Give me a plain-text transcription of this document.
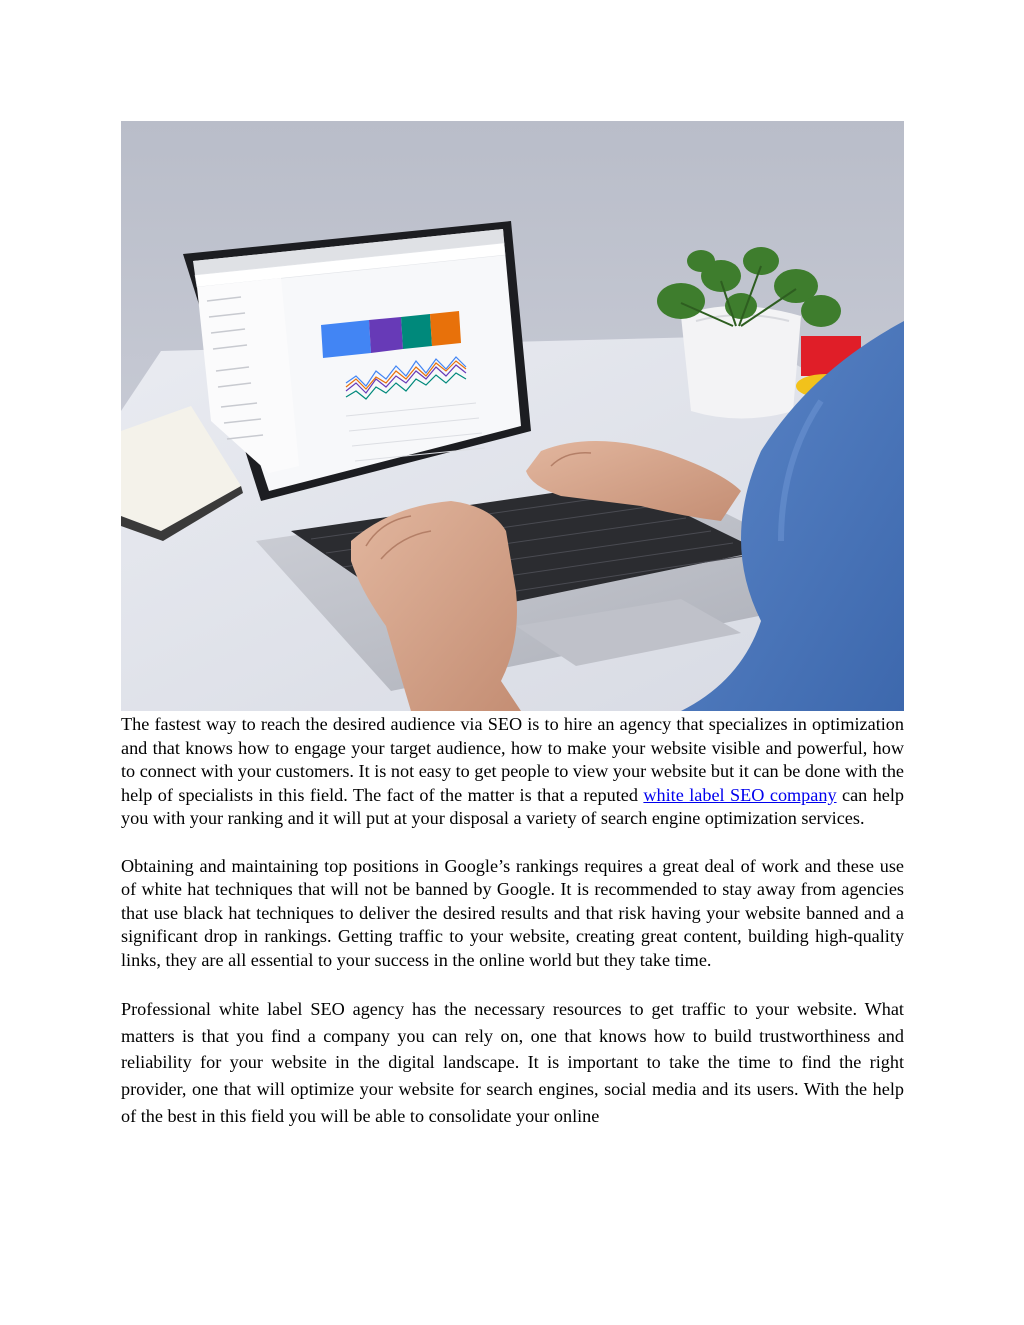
The fastest way to reach the desired audience via SEO is to hire an agency that specializes in optimization and that knows how to engage your target audience, how to make your website visible and powerful, how to connect with your customers. It is not easy to get people to view your website but it can be done with the help of specialists in this field. The fact of the matter is that a reputed white label SEO company can help you with your ranking and it will put at your disposal a variety of search engine optimization services.

Obtaining and maintaining top positions in Google’s rankings requires a great deal of work and these use of white hat techniques that will not be banned by Google. It is recommended to stay away from agencies that use black hat techniques to deliver the desired results and that risk having your website banned and a significant drop in rankings. Getting traffic to your website, creating great content, building high-quality links, they are all essential to your success in the online world but they take time.

Professional white label SEO agency has the necessary resources to get traffic to your website. What matters is that you find a company you can rely on, one that knows how to build trustworthiness and reliability for your website in the digital landscape. It is important to take the time to find the right provider, one that will optimize your website for search engines, social media and its users. With the help of the best in this field you will be able to consolidate your online
